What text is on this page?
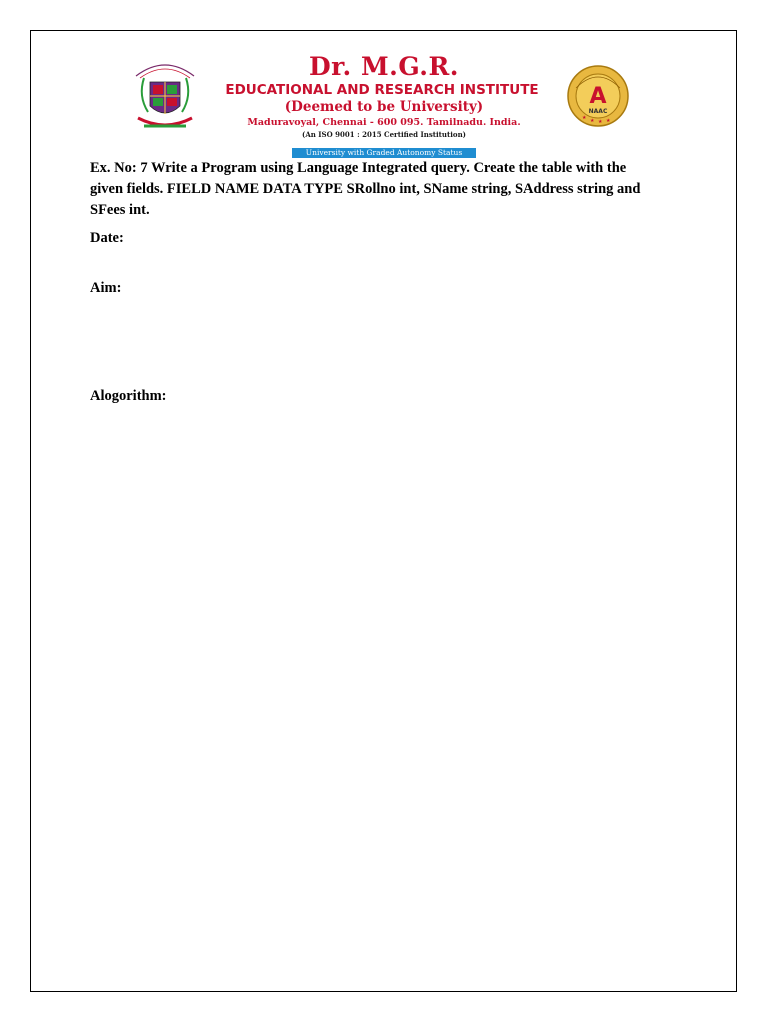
Dr. M.G.R.
EDUCATIONAL AND RESEARCH INSTITUTE
(Deemed to be University)
Maduravoyal, Chennai - 600 095. Tamilnadu. India.
(An ISO 9001 : 2015 Certified Institution)
University with Graded Autonomy Status
A
NAAC
★
★ ★ ★

Ex. No: 7 Write a Program using Language Integrated query. Create the table with the

given fields. FIELD NAME DATA TYPE SRollno int, SName string, SAddress string and

SFees int.

Date:
Aim:
Alogorithm:
